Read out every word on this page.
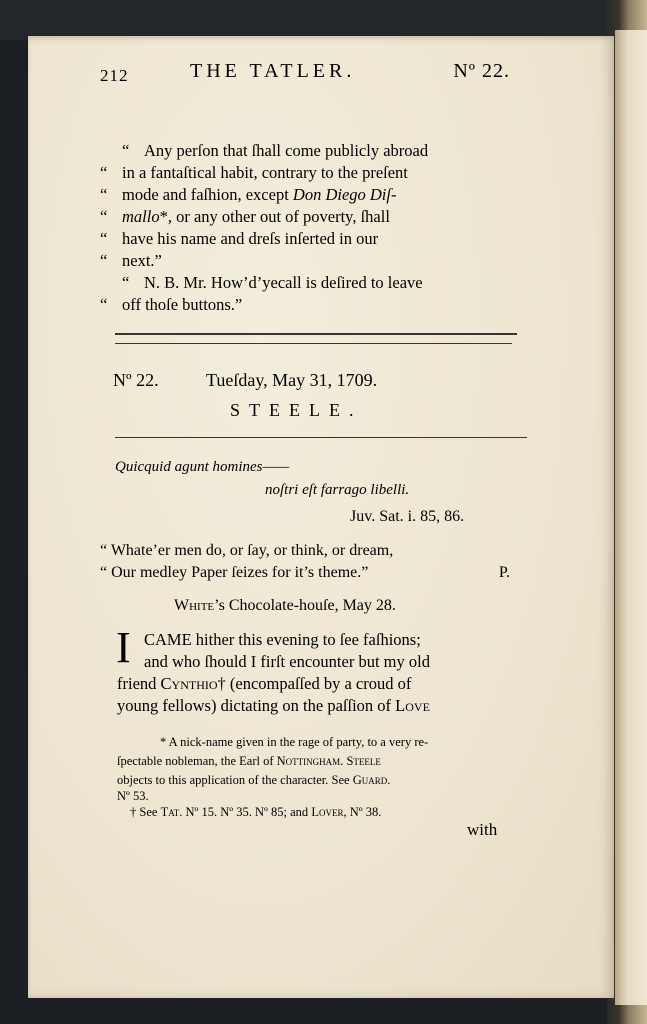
212	THE TATLER.	Nº 22.
“ Any perſon that ſhall come publicly abroad
“ in a fantaſtical habit, contrary to the preſent
“ mode and faſhion, except Don Diego Diſ-
“ mallo*, or any other out of poverty, ſhall
“ have his name and dreſs inſerted in our
“ next.”
“ N. B. Mr. How’d’yecall is deſired to leave
“ off thoſe buttons.”
Nº 22.	Tueſday, May 31, 1709.
STEELE.
Quicquid agunt homines——
noſtri eſt farrago libelli.
Juv. Sat. i. 85, 86.
“ Whate’er men do, or ſay, or think, or dream,
“ Our medley Paper ſeizes for it’s theme.”	P.
White’s Chocolate-houſe, May 28.
I CAME hither this evening to ſee faſhions;
and who ſhould I firſt encounter but my old
friend Cynthio† (encompaſſed by a croud of
young fellows) dictating on the paſſion of Love
* A nick-name given in the rage of party, to a very re-
ſpectable nobleman, the Earl of Nottingham. Steele
objects to this application of the character. See Guard.
Nº 53.
† See Tat. Nº 15. Nº 35. Nº 85; and Lover, Nº 38.
with
